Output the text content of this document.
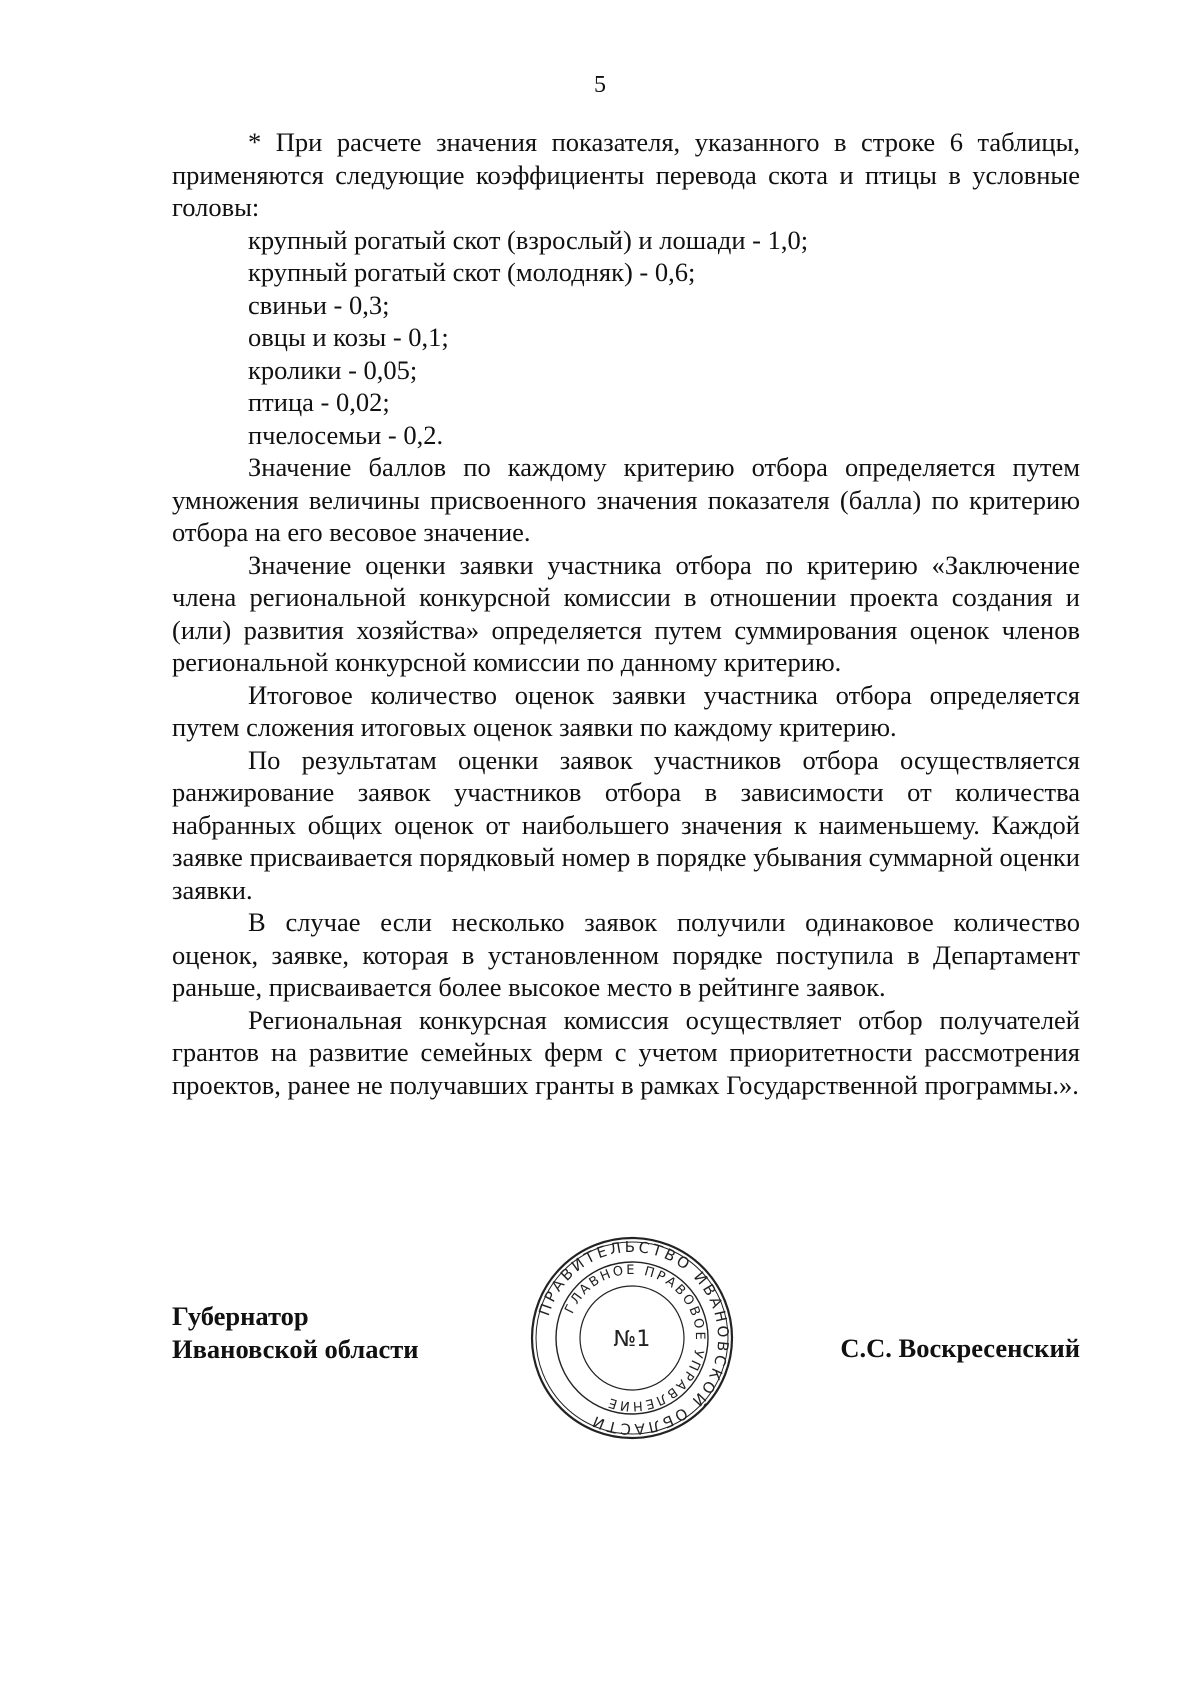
5

* При расчете значения показателя, указанного в строке 6 таблицы, применяются следующие коэффициенты перевода скота и птицы в условные головы:

крупный рогатый скот (взрослый) и лошади - 1,0;
крупный рогатый скот (молодняк) - 0,6;
свиньи - 0,3;
овцы и козы - 0,1;
кролики - 0,05;
птица - 0,02;
пчелосемьи - 0,2.

Значение баллов по каждому критерию отбора определяется путем умножения величины присвоенного значения показателя (балла) по критерию отбора на его весовое значение.

Значение оценки заявки участника отбора по критерию «Заключение члена региональной конкурсной комиссии в отношении проекта создания и (или) развития хозяйства» определяется путем суммирования оценок членов региональной конкурсной комиссии по данному критерию.

Итоговое количество оценок заявки участника отбора определяется путем сложения итоговых оценок заявки по каждому критерию.

По результатам оценки заявок участников отбора осуществляется ранжирование заявок участников отбора в зависимости от количества набранных общих оценок от наибольшего значения к наименьшему. Каждой заявке присваивается порядковый номер в порядке убывания суммарной оценки заявки.

В случае если несколько заявок получили одинаковое количество оценок, заявке, которая в установленном порядке поступила в Департамент раньше, присваивается более высокое место в рейтинге заявок.

Региональная конкурсная комиссия осуществляет отбор получателей грантов на развитие семейных ферм с учетом приоритетности рассмотрения проектов, ранее не получавших гранты в рамках Государственной программы.».

Губернатор
Ивановской области	С.С. Воскресенский
ПРАВИТЕЛЬСТВО ИВАНОВСКОЙ ОБЛАСТИ
ГЛАВНОЕ ПРАВОВОЕ УПРАВЛЕНИЕ
№1
